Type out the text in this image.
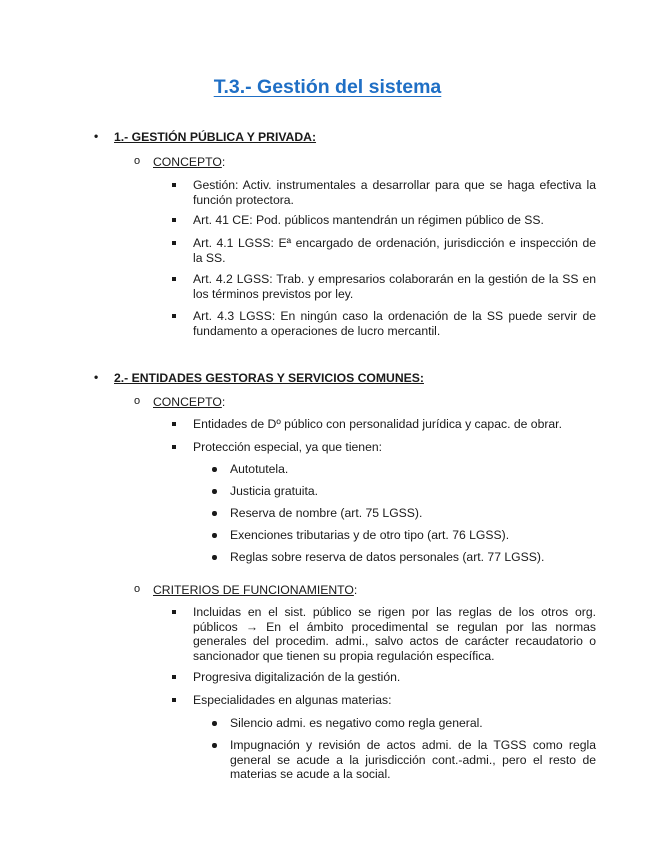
T.3.- Gestión del sistema
• 1.- GESTIÓN PÚBLICA Y PRIVADA:
o CONCEPTO:
Gestión: Activ. instrumentales a desarrollar para que se haga efectiva la función protectora.
Art. 41 CE: Pod. públicos mantendrán un régimen público de SS.
Art. 4.1 LGSS: Eª encargado de ordenación, jurisdicción e inspección de la SS.
Art. 4.2 LGSS: Trab. y empresarios colaborarán en la gestión de la SS en los términos previstos por ley.
Art. 4.3 LGSS: En ningún caso la ordenación de la SS puede servir de fundamento a operaciones de lucro mercantil.
• 2.- ENTIDADES GESTORAS Y SERVICIOS COMUNES:
o CONCEPTO:
Entidades de Dº público con personalidad jurídica y capac. de obrar.
Protección especial, ya que tienen:
Autotutela.
Justicia gratuita.
Reserva de nombre (art. 75 LGSS).
Exenciones tributarias y de otro tipo (art. 76 LGSS).
Reglas sobre reserva de datos personales (art. 77 LGSS).
o CRITERIOS DE FUNCIONAMIENTO:
Incluidas en el sist. público se rigen por las reglas de los otros org. públicos → En el ámbito procedimental se regulan por las normas generales del procedim. admi., salvo actos de carácter recaudatorio o sancionador que tienen su propia regulación específica.
Progresiva digitalización de la gestión.
Especialidades en algunas materias:
Silencio admi. es negativo como regla general.
Impugnación y revisión de actos admi. de la TGSS como regla general se acude a la jurisdicción cont.-admi., pero el resto de materias se acude a la social.
